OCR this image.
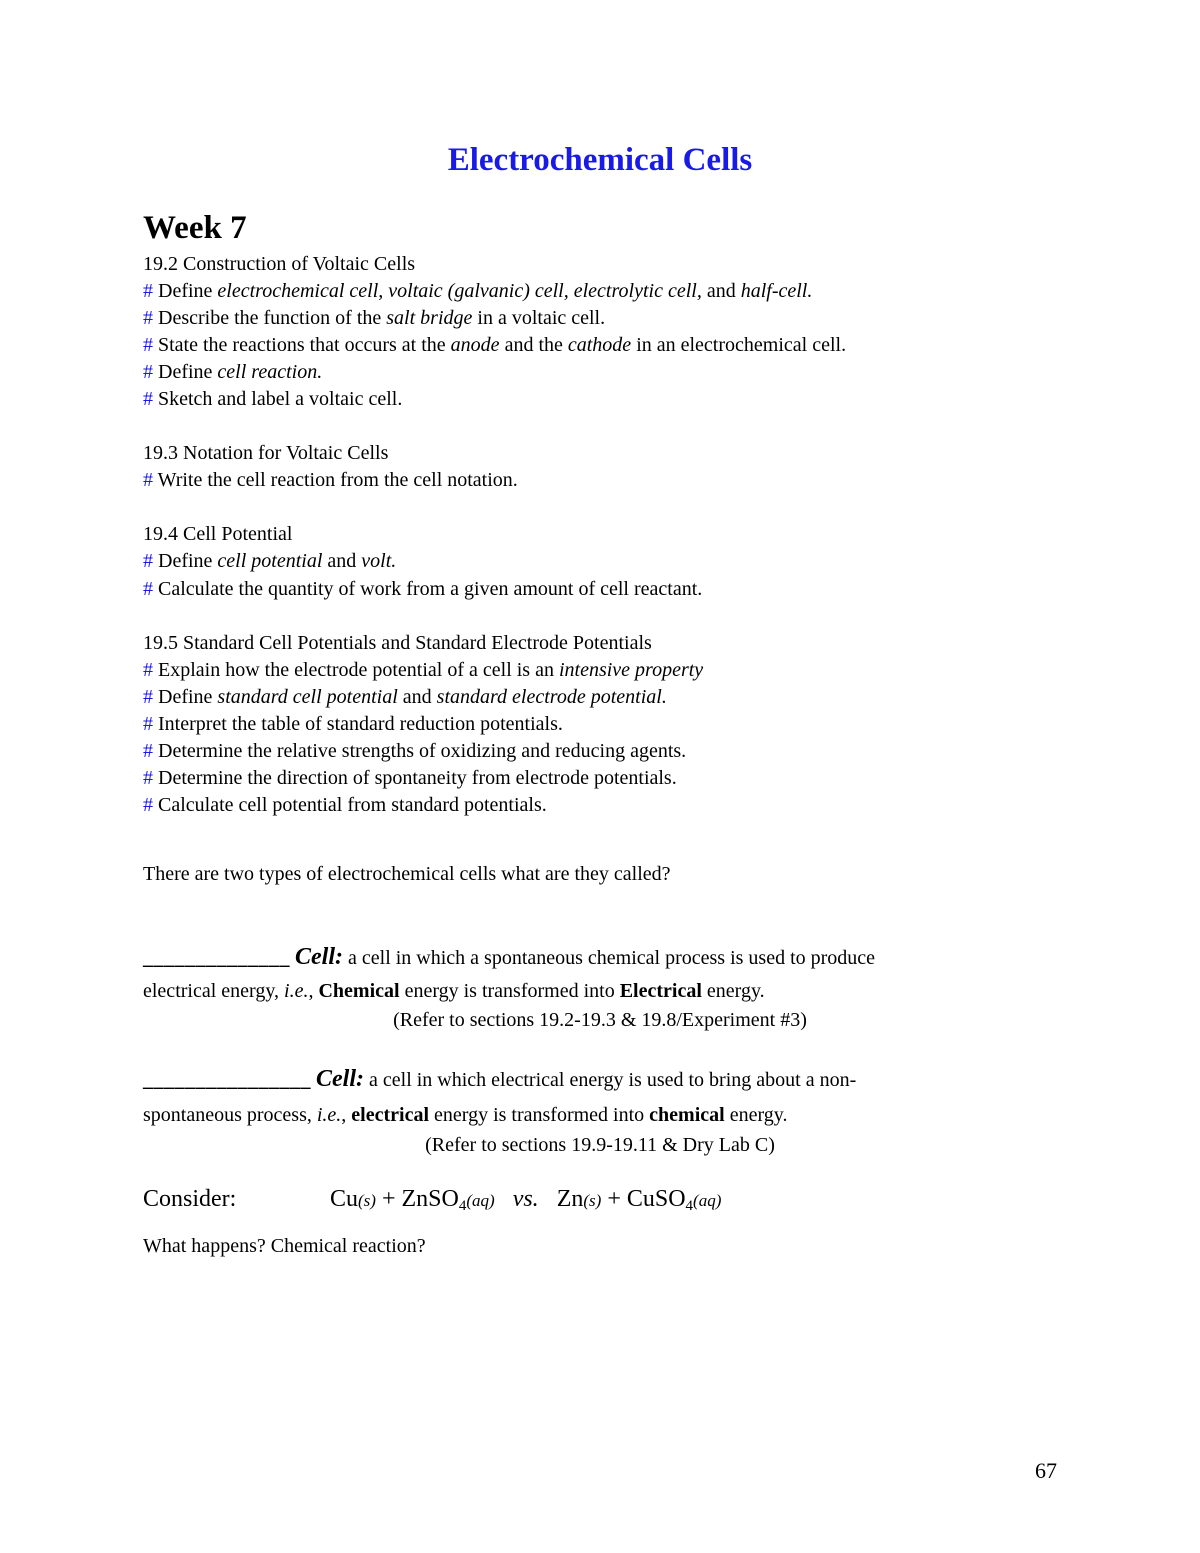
Electrochemical Cells
Week 7
19.2 Construction of Voltaic Cells
# Define electrochemical cell, voltaic (galvanic) cell, electrolytic cell, and half-cell.
# Describe the function of the salt bridge in a voltaic cell.
# State the reactions that occurs at the anode and the cathode in an electrochemical cell.
# Define cell reaction.
# Sketch and label a voltaic cell.
19.3 Notation for Voltaic Cells
# Write the cell reaction from the cell notation.
19.4 Cell Potential
# Define cell potential and volt.
# Calculate the quantity of work from a given amount of cell reactant.
19.5 Standard Cell Potentials and Standard Electrode Potentials
# Explain how the electrode potential of a cell is an intensive property
# Define standard cell potential and standard electrode potential.
# Interpret the table of standard reduction potentials.
# Determine the relative strengths of oxidizing and reducing agents.
# Determine the direction of spontaneity from electrode potentials.
# Calculate cell potential from standard potentials.
There are two types of electrochemical cells what are they called?
______________ Cell: a cell in which a spontaneous chemical process is used to produce
electrical energy, i.e., Chemical energy is transformed into Electrical energy.
(Refer to sections 19.2-19.3 & 19.8/Experiment #3)
________________ Cell: a cell in which electrical energy is used to bring about a non-
spontaneous process, i.e., electrical energy is transformed into chemical energy.
(Refer to sections 19.9-19.11 & Dry Lab C)
Consider:	Cu(s) + ZnSO$_4$(aq) vs. Zn(s) + CuSO$_4$(aq)
What happens? Chemical reaction?
67
